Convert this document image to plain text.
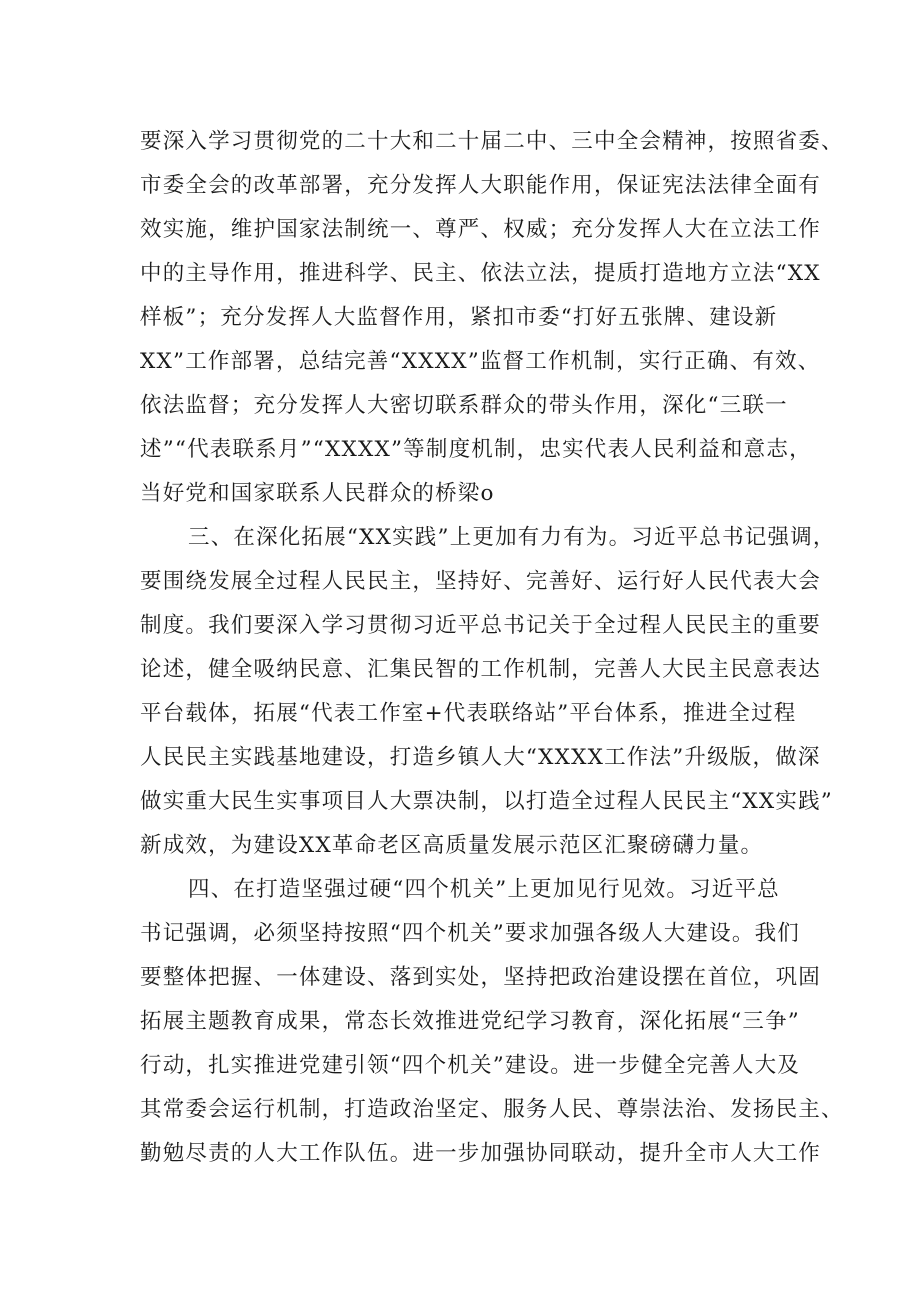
要深入学习贯彻党的二十大和二十届二中、三中全会精神，按照省委、
市委全会的改革部署，充分发挥人大职能作用，保证宪法法律全面有
效实施，维护国家法制统一、尊严、权威；充分发挥人大在立法工作
中的主导作用，推进科学、民主、依法立法，提质打造地方立法“XX
样板”；充分发挥人大监督作用，紧扣市委“打好五张牌、建设新
XX”工作部署，总结完善“XXXX”监督工作机制，实行正确、有效、
依法监督；充分发挥人大密切联系群众的带头作用，深化“三联一
述”“代表联系月”“XXXX”等制度机制，忠实代表人民利益和意志，
当好党和国家联系人民群众的桥梁o
三、在深化拓展“XX实践”上更加有力有为。习近平总书记强调，
要围绕发展全过程人民民主，坚持好、完善好、运行好人民代表大会
制度。我们要深入学习贯彻习近平总书记关于全过程人民民主的重要
论述，健全吸纳民意、汇集民智的工作机制，完善人大民主民意表达
平台载体，拓展“代表工作室+代表联络站”平台体系，推进全过程
人民民主实践基地建设，打造乡镇人大“XXXX工作法”升级版，做深
做实重大民生实事项目人大票决制，以打造全过程人民民主“XX实践”
新成效，为建设XX革命老区高质量发展示范区汇聚磅礴力量。
四、在打造坚强过硬“四个机关”上更加见行见效。习近平总
书记强调，必须坚持按照“四个机关”要求加强各级人大建设。我们
要整体把握、一体建设、落到实处，坚持把政治建设摆在首位，巩固
拓展主题教育成果，常态长效推进党纪学习教育，深化拓展“三争”
行动，扎实推进党建引领“四个机关”建设。进一步健全完善人大及
其常委会运行机制，打造政治坚定、服务人民、尊崇法治、发扬民主、
勤勉尽责的人大工作队伍。进一步加强协同联动，提升全市人大工作
